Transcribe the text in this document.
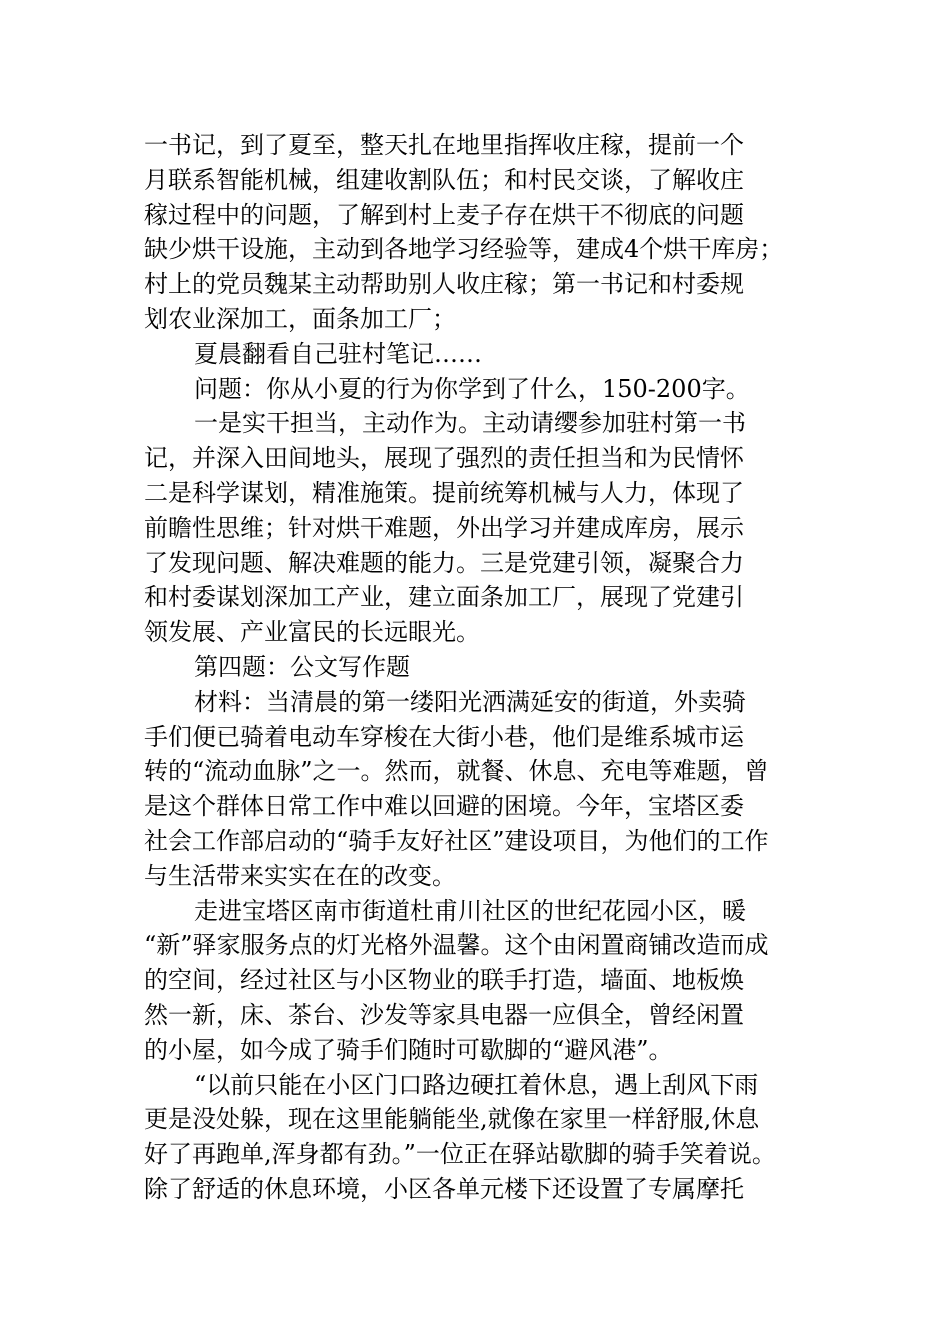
一书记，到了夏至，整天扎在地里指挥收庄稼，提前一个
月联系智能机械，组建收割队伍；和村民交谈，了解收庄
稼过程中的问题，了解到村上麦子存在烘干不彻底的问题
缺少烘干设施，主动到各地学习经验等，建成4个烘干库房；
村上的党员魏某主动帮助别人收庄稼；第一书记和村委规
划农业深加工，面条加工厂；
夏晨翻看自己驻村笔记……
问题：你从小夏的行为你学到了什么，150-200字。
一是实干担当，主动作为。主动请缨参加驻村第一书
记，并深入田间地头，展现了强烈的责任担当和为民情怀
二是科学谋划，精准施策。提前统筹机械与人力，体现了
前瞻性思维；针对烘干难题，外出学习并建成库房，展示
了发现问题、解决难题的能力。三是党建引领，凝聚合力
和村委谋划深加工产业，建立面条加工厂，展现了党建引
领发展、产业富民的长远眼光。
第四题：公文写作题
材料：当清晨的第一缕阳光洒满延安的街道，外卖骑
手们便已骑着电动车穿梭在大街小巷，他们是维系城市运
转的“流动血脉”之一。然而，就餐、休息、充电等难题，曾
是这个群体日常工作中难以回避的困境。今年，宝塔区委
社会工作部启动的“骑手友好社区”建设项目，为他们的工作
与生活带来实实在在的改变。
走进宝塔区南市街道杜甫川社区的世纪花园小区，暖
“新”驿家服务点的灯光格外温馨。这个由闲置商铺改造而成
的空间，经过社区与小区物业的联手打造，墙面、地板焕
然一新，床、茶台、沙发等家具电器一应俱全，曾经闲置
的小屋，如今成了骑手们随时可歇脚的“避风港”。
“以前只能在小区门口路边硬扛着休息，遇上刮风下雨
更是没处躲，现在这里能躺能坐,就像在家里一样舒服,休息
好了再跑单,浑身都有劲。”一位正在驿站歇脚的骑手笑着说。
除了舒适的休息环境，小区各单元楼下还设置了专属摩托
